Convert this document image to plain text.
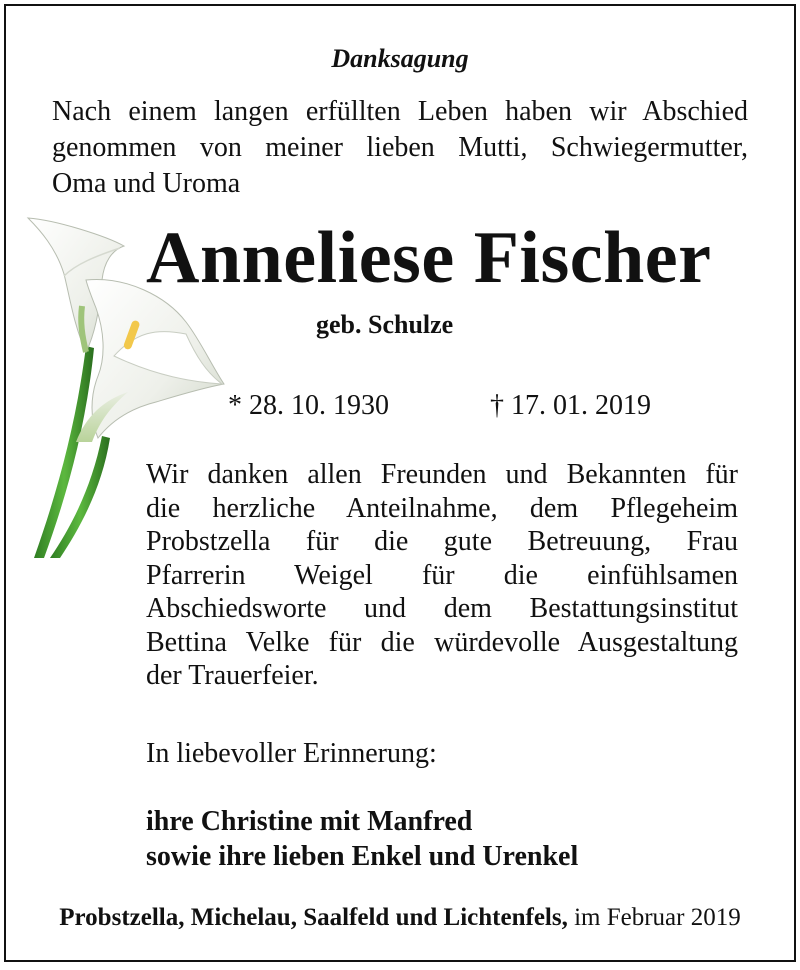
Danksagung
Nach einem langen erfüllten Leben haben wir Abschied
genommen von meiner lieben Mutti, Schwiegermutter,
Oma und Uroma
Anneliese Fischer
geb. Schulze
* 28. 10. 1930	† 17. 01. 2019
Wir danken allen Freunden und Bekannten für
die herzliche Anteilnahme, dem Pflegeheim
Probstzella für die gute Betreuung, Frau
Pfarrerin Weigel für die einfühlsamen
Abschiedsworte und dem Bestattungsinstitut
Bettina Velke für die würdevolle Ausgestaltung
der Trauerfeier.
In liebevoller Erinnerung:
ihre Christine mit Manfred
sowie ihre lieben Enkel und Urenkel
Probstzella, Michelau, Saalfeld und Lichtenfels, im Februar 2019
